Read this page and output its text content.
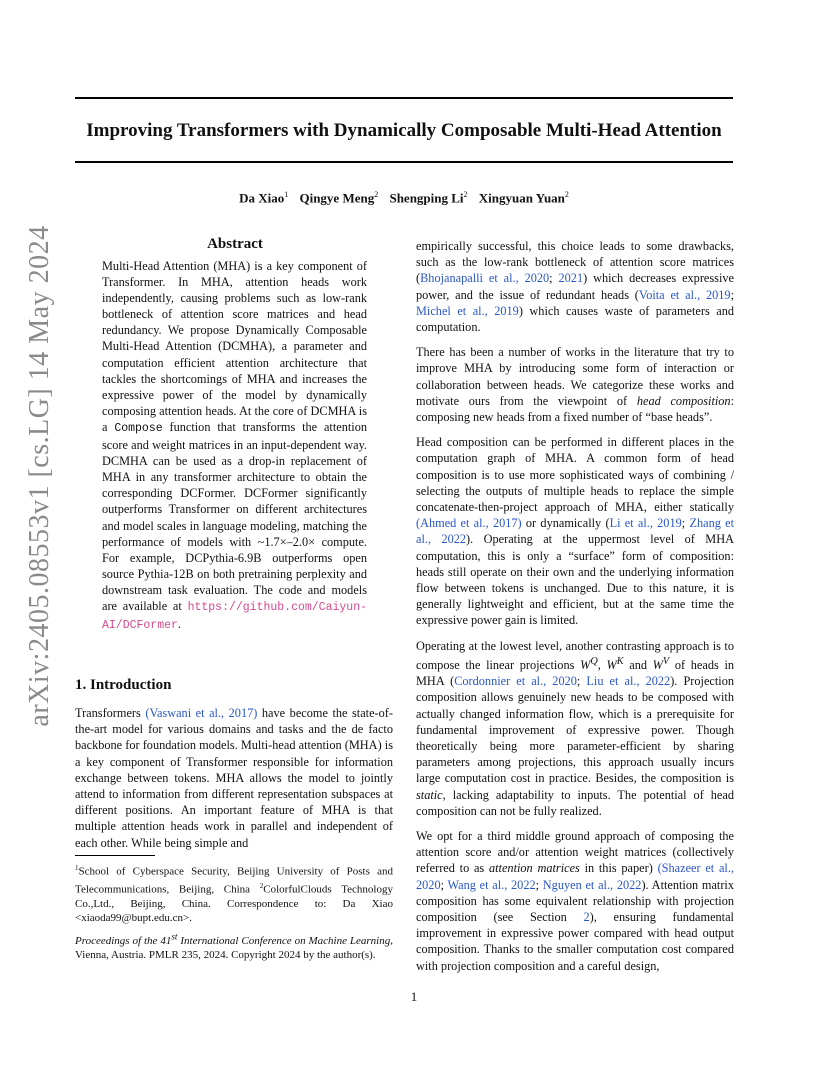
arXiv:2405.08553v1 [cs.LG] 14 May 2024
Improving Transformers with Dynamically Composable Multi-Head Attention
Da Xiao$^1$ Qingye Meng$^2$ Shengping Li$^2$ Xingyuan Yuan$^2$
Abstract

Multi-Head Attention (MHA) is a key component of Transformer. In MHA, attention heads work independently, causing problems such as low-rank bottleneck of attention score matrices and head redundancy. We propose Dynamically Composable Multi-Head Attention (DCMHA), a parameter and computation efficient attention architecture that tackles the shortcomings of MHA and increases the expressive power of the model by dynamically composing attention heads. At the core of DCMHA is a Compose function that transforms the attention score and weight matrices in an input-dependent way. DCMHA can be used as a drop-in replacement of MHA in any transformer architecture to obtain the corresponding DCFormer. DCFormer significantly outperforms Transformer on different architectures and model scales in language modeling, matching the performance of models with ~1.7×–2.0× compute. For example, DCPythia-6.9B outperforms open source Pythia-12B on both pretraining perplexity and downstream task evaluation. The code and models are available at https://github.com/Caiyun-AI/DCFormer.

1. Introduction

Transformers (Vaswani et al., 2017) have become the state-of-the-art model for various domains and tasks and the de facto backbone for foundation models. Multi-head attention (MHA) is a key component of Transformer responsible for information exchange between tokens. MHA allows the model to jointly attend to information from different representation subspaces at different positions. An important feature of MHA is that multiple attention heads work in parallel and independent of each other. While being simple and

$^1$School of Cyberspace Security, Beijing University of Posts and Telecommunications, Beijing, China $^2$ColorfulClouds Technology Co.,Ltd., Beijing, China. Correspondence to: Da Xiao <xiaoda99@bupt.edu.cn>.

Proceedings of the 41st International Conference on Machine Learning, Vienna, Austria. PMLR 235, 2024. Copyright 2024 by the author(s).

empirically successful, this choice leads to some drawbacks, such as the low-rank bottleneck of attention score matrices (Bhojanapalli et al., 2020; 2021) which decreases expressive power, and the issue of redundant heads (Voita et al., 2019; Michel et al., 2019) which causes waste of parameters and computation.

There has been a number of works in the literature that try to improve MHA by introducing some form of interaction or collaboration between heads. We categorize these works and motivate ours from the viewpoint of head composition: composing new heads from a fixed number of “base heads”.

Head composition can be performed in different places in the computation graph of MHA. A common form of head composition is to use more sophisticated ways of combining / selecting the outputs of multiple heads to replace the simple concatenate-then-project approach of MHA, either statically (Ahmed et al., 2017) or dynamically (Li et al., 2019; Zhang et al., 2022). Operating at the uppermost level of MHA computation, this is only a “surface” form of composition: heads still operate on their own and the underlying information flow between tokens is unchanged. Due to this nature, it is generally lightweight and efficient, but at the same time the expressive power gain is limited.

Operating at the lowest level, another contrasting approach is to compose the linear projections $W^Q$, $W^K$ and $W^V$ of heads in MHA (Cordonnier et al., 2020; Liu et al., 2022). Projection composition allows genuinely new heads to be composed with actually changed information flow, which is a prerequisite for fundamental improvement of expressive power. Though theoretically being more parameter-efficient by sharing parameters among projections, this approach usually incurs large computation cost in practice. Besides, the composition is static, lacking adaptability to inputs. The potential of head composition can not be fully realized.

We opt for a third middle ground approach of composing the attention score and/or attention weight matrices (collectively referred to as attention matrices in this paper) (Shazeer et al., 2020; Wang et al., 2022; Nguyen et al., 2022). Attention matrix composition has some equivalent relationship with projection composition (see Section 2), ensuring fundamental improvement in expressive power compared with head output composition. Thanks to the smaller computation cost compared with projection composition and a careful design,

1
